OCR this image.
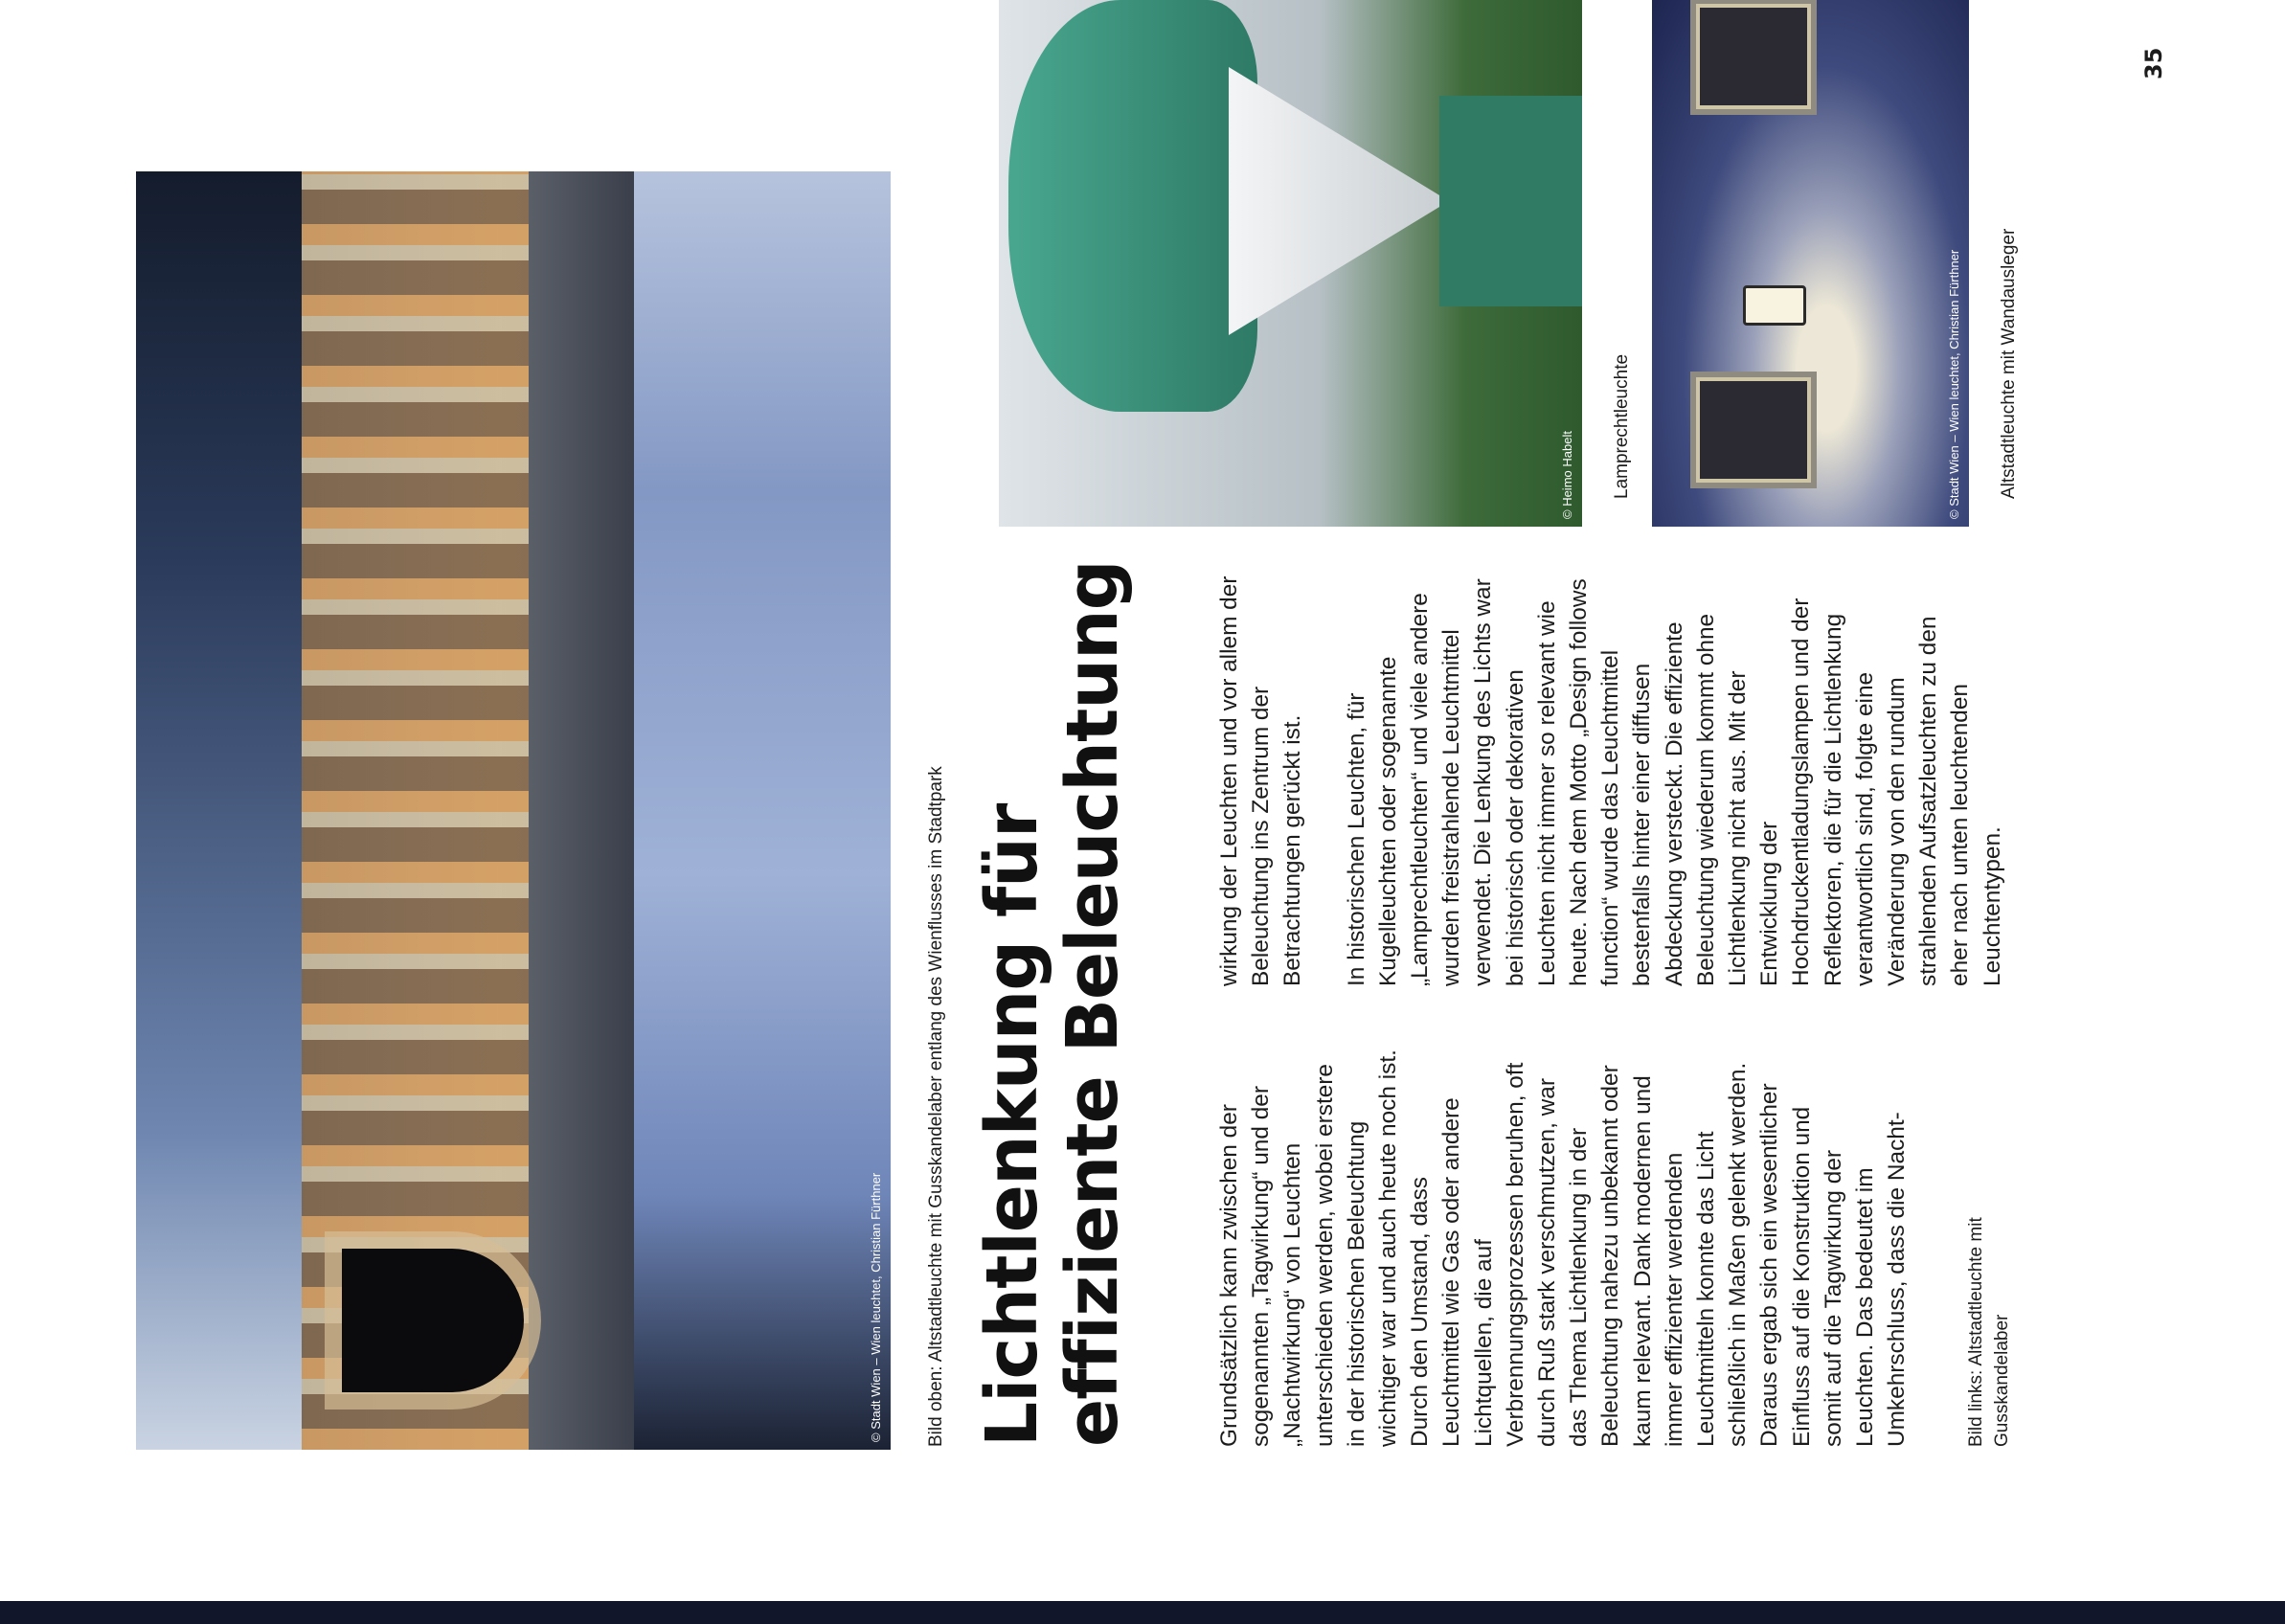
© Stadt Wien – Wien leuchtet, Christian Fürthner Bild oben: Altstadtleuchte mit Gusskandelaber entlang des Wienflusses im Stadtpark Lichtlenkung für
effiziente Beleuchtung	Grundsätzlich kann zwischen der sogenannten „Tagwirkung“ und der „Nachtwirkung“ von Leuchten unterschieden werden, wobei erstere in der historischen Beleuchtung wichtiger war und auch heute noch ist. Durch den Umstand, dass Leuchtmittel wie Gas oder andere Lichtquellen, die auf Verbrennungsprozessen beruhen, oft durch Ruß stark verschmutzen, war das Thema Lichtlenkung in der Beleuchtung nahezu unbekannt oder kaum relevant. Dank modernen und immer effizienter werdenden Leuchtmitteln konnte das Licht schließlich in Maßen gelenkt werden. Daraus ergab sich ein wesentlicher Einfluss auf die Konstruktion und somit auf die Tagwirkung der Leuchten. Das bedeutet im Umkehrschluss, dass die Nacht-

wirkung der Leuchten und vor allem der Beleuchtung ins Zentrum der Betrachtungen gerückt ist. In historischen Leuchten, für Kugelleuchten oder sogenannte „Lamprechtleuchten“ und viele andere wurden freistrahlende Leuchtmittel verwendet. Die Lenkung des Lichts war bei historisch oder dekorativen Leuchten nicht immer so relevant wie heute. Nach dem Motto „Design follows function“ wurde das Leuchtmittel bestenfalls hinter einer diffusen Abdeckung versteckt. Die effiziente Beleuchtung wiederum kommt ohne Lichtlenkung nicht aus. Mit der Entwicklung der Hochdruckentladungslampen und der Reflektoren, die für die Lichtlenkung verantwortlich sind, folgte eine Veränderung von den rundum strahlenden Aufsatzleuchten zu den eher nach unten leuchtenden Leuchtentypen.

Bild links: Altstadtleuchte mit Gusskandelaber
© Heimo Habelt Lamprechtleuchte	© Stadt Wien – Wien leuchtet, Christian Fürthner Altstadtleuchte mit Wandausleger
35
